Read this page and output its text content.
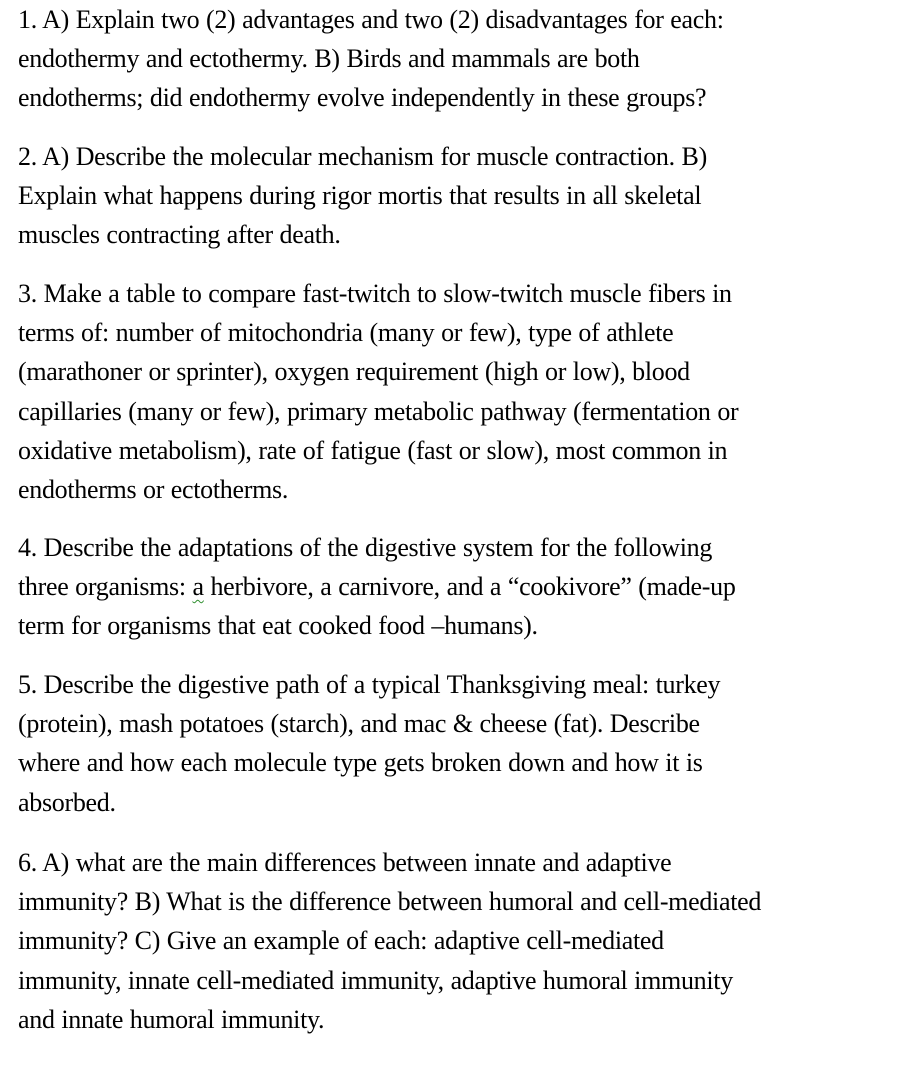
1. A) Explain two (2) advantages and two (2) disadvantages for each:
endothermy and ectothermy. B) Birds and mammals are both
endotherms; did endothermy evolve independently in these groups?
2. A) Describe the molecular mechanism for muscle contraction. B)
Explain what happens during rigor mortis that results in all skeletal
muscles contracting after death.
3. Make a table to compare fast-twitch to slow-twitch muscle fibers in
terms of: number of mitochondria (many or few), type of athlete
(marathoner or sprinter), oxygen requirement (high or low), blood
capillaries (many or few), primary metabolic pathway (fermentation or
oxidative metabolism), rate of fatigue (fast or slow), most common in
endotherms or ectotherms.
4. Describe the adaptations of the digestive system for the following
three organisms: a herbivore, a carnivore, and a “cookivore” (made-up
term for organisms that eat cooked food –humans).
5. Describe the digestive path of a typical Thanksgiving meal: turkey
(protein), mash potatoes (starch), and mac & cheese (fat). Describe
where and how each molecule type gets broken down and how it is
absorbed.
6. A) what are the main differences between innate and adaptive
immunity? B) What is the difference between humoral and cell-mediated
immunity? C) Give an example of each: adaptive cell-mediated
immunity, innate cell-mediated immunity, adaptive humoral immunity
and innate humoral immunity.
